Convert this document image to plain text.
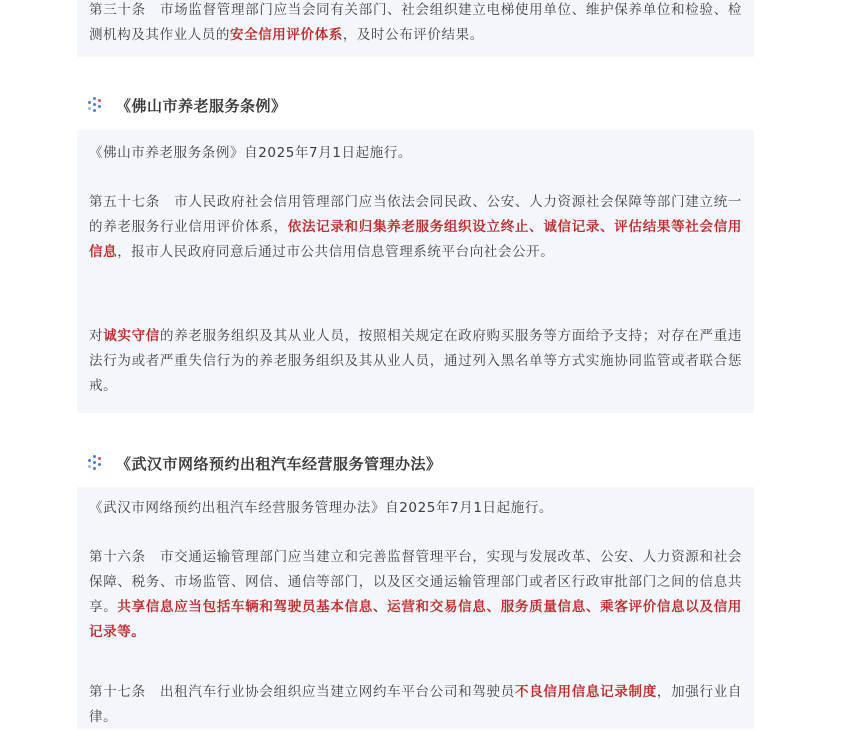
第三十条　市场监督管理部门应当会同有关部门、社会组织建立电梯使用单位、维护保养单位和检验、检测机构及其作业人员的安全信用评价体系，及时公布评价结果。

《佛山市养老服务条例》

《佛山市养老服务条例》自2025年7月1日起施行。

第五十七条　市人民政府社会信用管理部门应当依法会同民政、公安、人力资源社会保障等部门建立统一的养老服务行业信用评价体系，依法记录和归集养老服务组织设立终止、诚信记录、评估结果等社会信用信息，报市人民政府同意后通过市公共信用信息管理系统平台向社会公开。

对诚实守信的养老服务组织及其从业人员，按照相关规定在政府购买服务等方面给予支持；对存在严重违法行为或者严重失信行为的养老服务组织及其从业人员，通过列入黑名单等方式实施协同监管或者联合惩戒。

《武汉市网络预约出租汽车经营服务管理办法》

《武汉市网络预约出租汽车经营服务管理办法》自2025年7月1日起施行。

第十六条　市交通运输管理部门应当建立和完善监督管理平台，实现与发展改革、公安、人力资源和社会保障、税务、市场监管、网信、通信等部门，以及区交通运输管理部门或者区行政审批部门之间的信息共享。共享信息应当包括车辆和驾驶员基本信息、运营和交易信息、服务质量信息、乘客评价信息以及信用记录等。

第十七条　出租汽车行业协会组织应当建立网约车平台公司和驾驶员不良信用信息记录制度，加强行业自律。
